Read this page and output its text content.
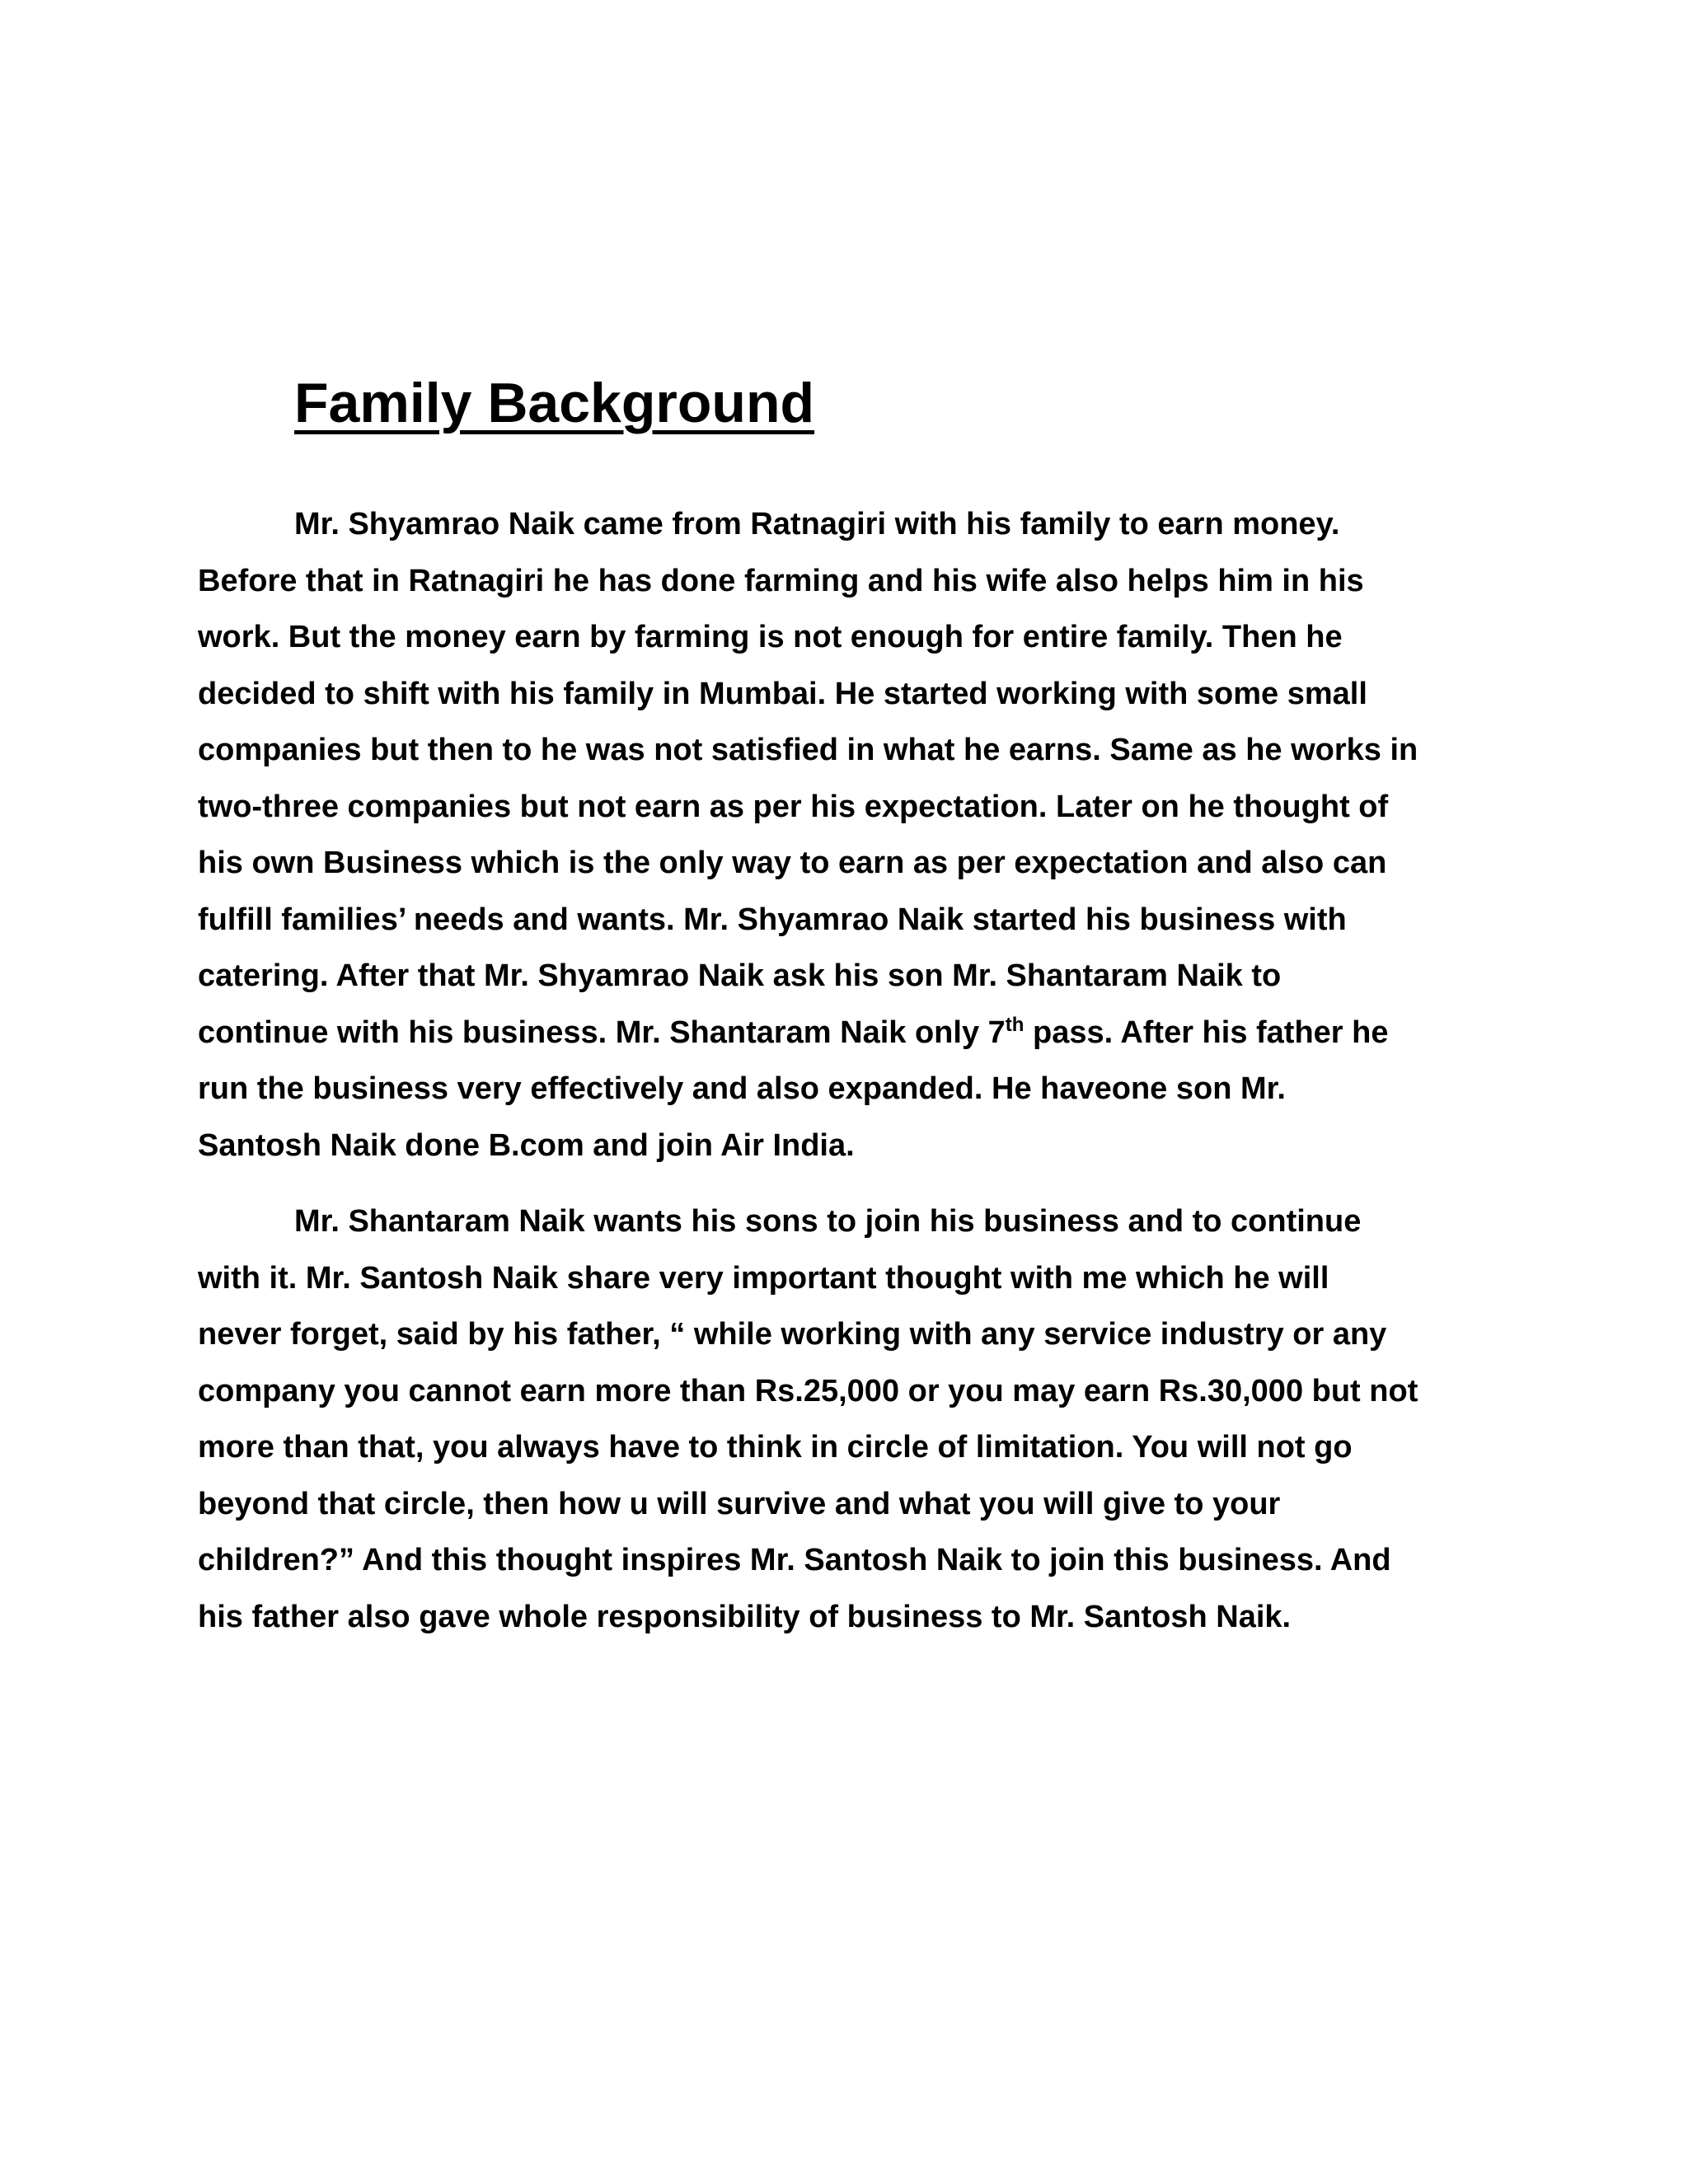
Family Background
Mr. Shyamrao Naik came from Ratnagiri with his family to earn money.
Before that in Ratnagiri he has done farming and his wife also helps him in his
work. But the money earn by farming is not enough for entire family. Then he
decided to shift with his family in Mumbai. He started working with some small
companies but then to he was not satisfied in what he earns. Same as he works in
two-three companies but not earn as per his expectation. Later on he thought of
his own Business which is the only way to earn as per expectation and also can
fulfill families’ needs and wants. Mr. Shyamrao Naik started his business with
catering. After that Mr. Shyamrao Naik ask his son Mr. Shantaram Naik to
continue with his business. Mr. Shantaram Naik only 7th pass. After his father he
run the business very effectively and also expanded. He haveone son Mr.
Santosh Naik done B.com and join Air India.
Mr. Shantaram Naik wants his sons to join his business and to continue
with it. Mr. Santosh Naik share very important thought with me which he will
never forget, said by his father, “ while working with any service industry or any
company you cannot earn more than Rs.25,000 or you may earn Rs.30,000 but not
more than that, you always have to think in circle of limitation. You will not go
beyond that circle, then how u will survive and what you will give to your
children?” And this thought inspires Mr. Santosh Naik to join this business. And
his father also gave whole responsibility of business to Mr. Santosh Naik.
